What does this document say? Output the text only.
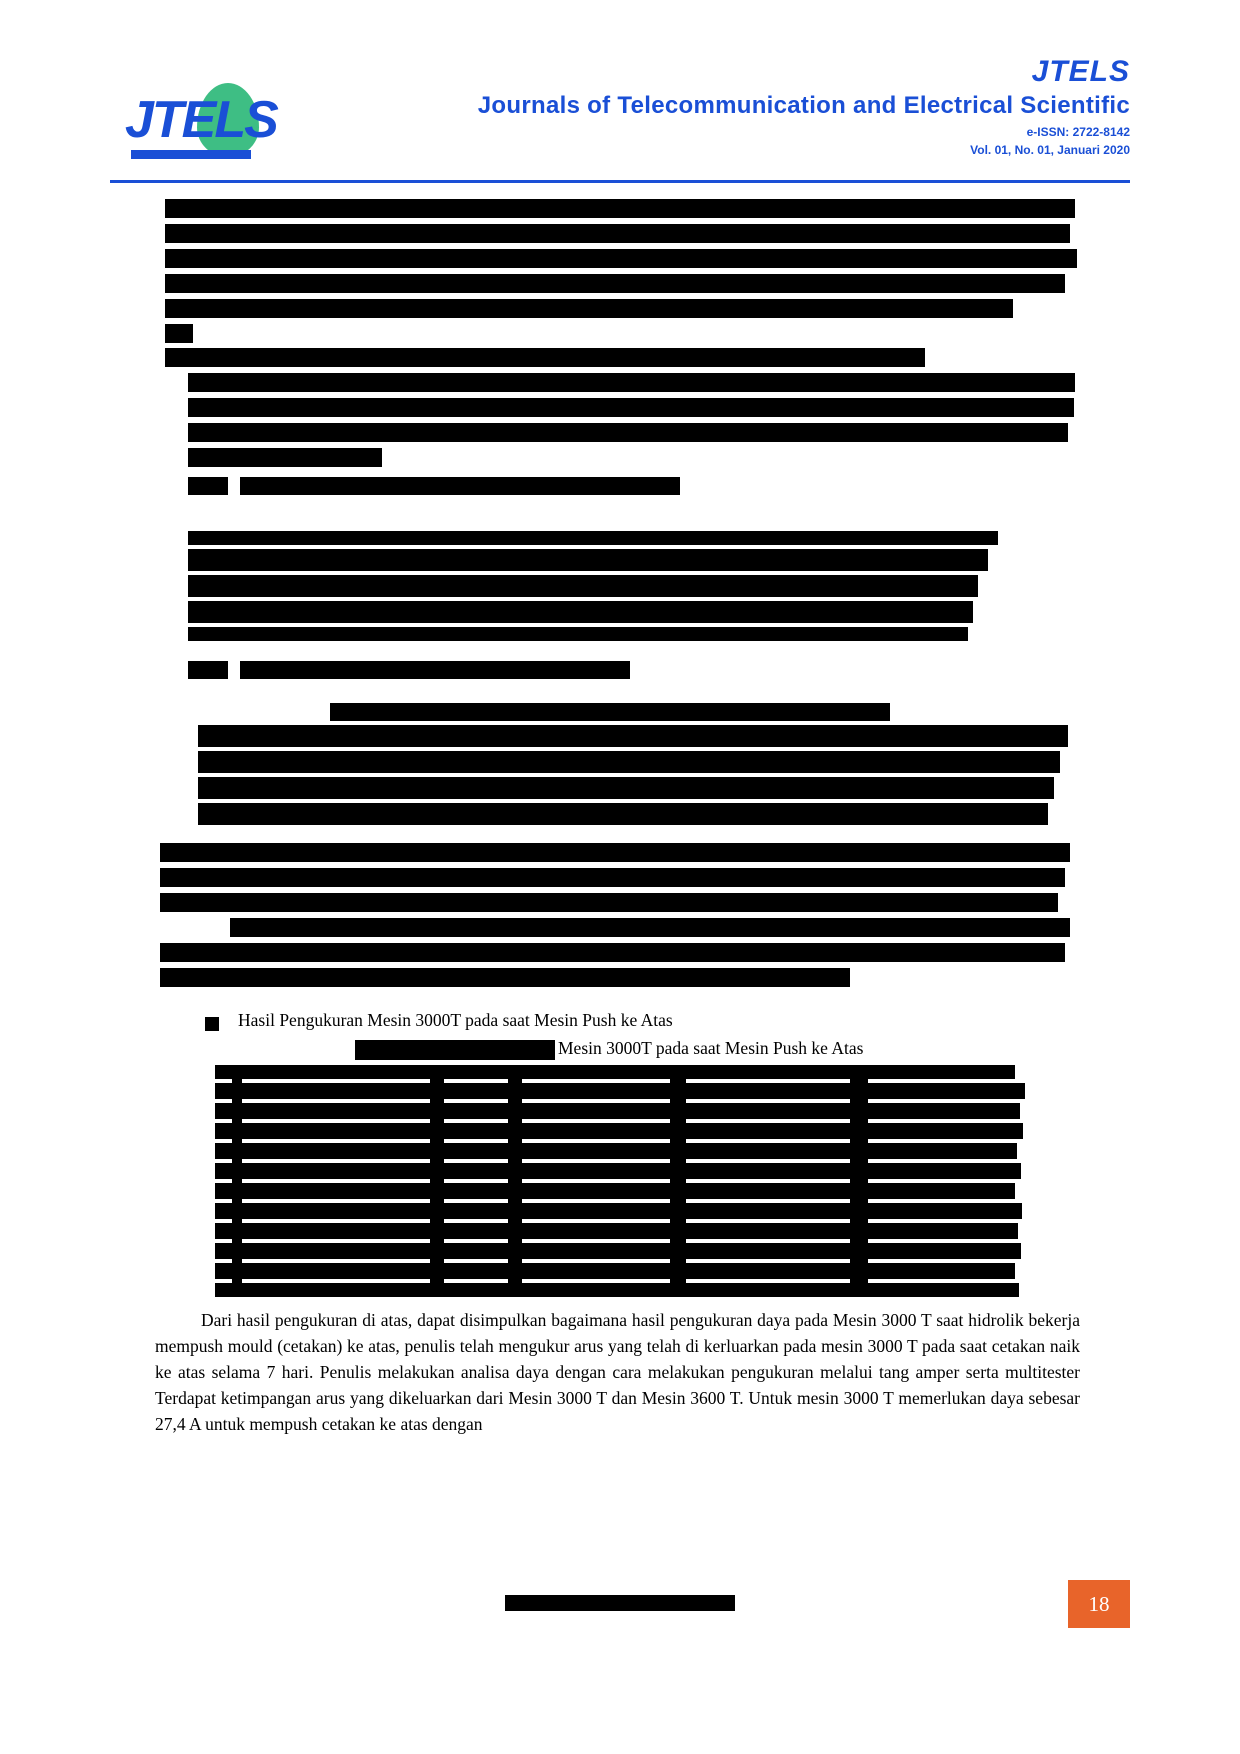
JTELS
JTELS
Journals of Telecommunication and Electrical Scientific
e-ISSN: 2722-8142
Vol. 01, No. 01, Januari 2020
Hasil Pengukuran Mesin 3000T pada saat Mesin Push ke Atas
Mesin 3000T pada saat Mesin Push ke Atas
Dari hasil pengukuran di atas, dapat disimpulkan bagaimana hasil pengukuran daya pada Mesin 3000 T saat hidrolik bekerja mempush mould (cetakan) ke atas, penulis telah mengukur arus yang telah di kerluarkan pada mesin 3000 T pada saat cetakan naik ke atas selama 7 hari. Penulis melakukan analisa daya dengan cara melakukan pengukuran melalui tang amper serta multitester Terdapat ketimpangan arus yang dikeluarkan dari Mesin 3000 T dan Mesin 3600 T. Untuk mesin 3000 T memerlukan daya sebesar 27,4 A untuk mempush cetakan ke atas dengan
18
